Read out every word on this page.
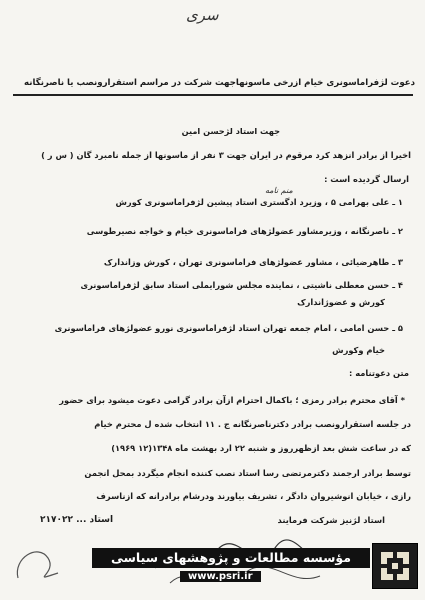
سری
دعوت لژفراماسونری خیام ازرخی ماسونهاجهت شرکت در مراسم استقرارونصب یا ناصرنگانه
جهت استاد لژحسن امین
اخیرا از برادر انزهد کرد مرقوم در ایران جهت ۳ نفر از ماسونها از جمله نامبرد گان ( س ر )
ارسال گردیده است :
۱ ـ علی بهرامی ۵ ، وزیرد ادگستری استاد پیشین لژفراماسونری کورش
منم نامه
۲ ـ ناصرنگانه ، وزیرمشاور عضولژهای فراماسونری خیام و خواجه نصیرطوسی
۳ ـ طاهرضیائی ، مشاور عضولژهای فراماسونری تهران ، کورش وزاندارک
۴ ـ حسن معطلی ناشیتی ، نماینده مجلس شورایملی استاد سابق لژفراماسونری
کورش و عضوژاندارک
۵ ـ حسن امامی ، امام جمعه تهران استاد لژفراماسونری نورو عضولژهای فراماسونری
خیام وکورش
متن دعوتنامه :
* آقای محترم برادر رمزی ؛ باکمال احترام ازآن برادر گرامی دعوت میشود برای حضور
در جلسه استقرارونصب برادر دکترناصرنگانه ج . ۱۱ انتخاب شده ل محترم خیام
که در ساعت شش بعد ازظهرروز و شنبه ۲۲ ارد بهشت ماه ۱۳۴۸(۱۲ ۱۹۶۹)
توسط برادر ارجمند دکترمرتضی رسا استاد نصب کننده انجام میگردد بمحل انجمن
رازی ، خیابان انوشیروان دادگر ، تشریف بیاورند ودرشام برادرانه که ازناسرف
استاد لژنیز شرکت فرمایند
استاد ... ۲۱۷۰۲۲
مؤسسه مطالعات و پژوهشهای سیاسی
www.psri.ir
